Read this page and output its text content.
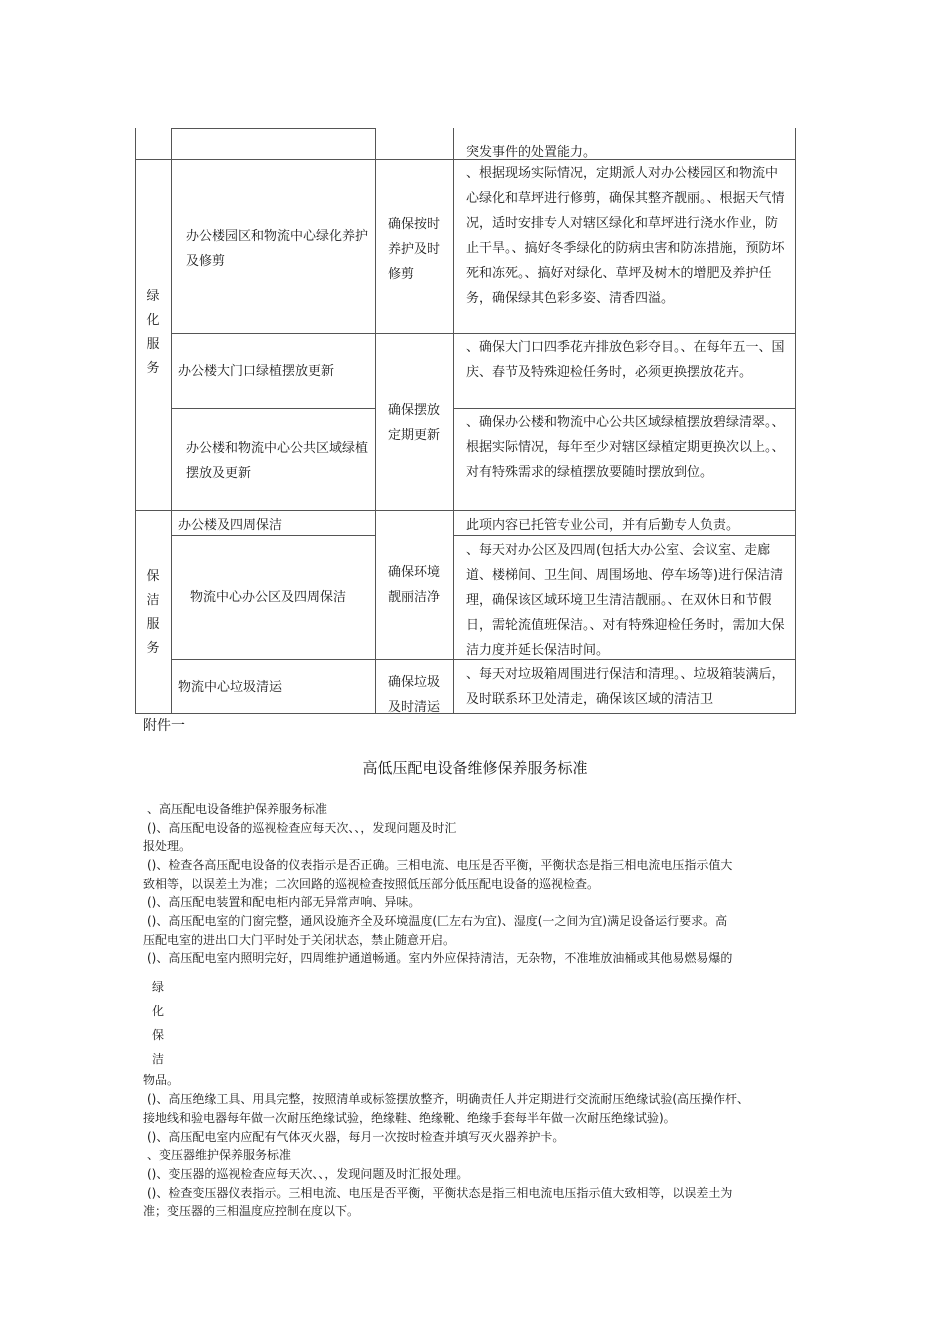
突发事件的处置能力。
绿
化
服
务
办公楼园区和物流中心绿化养护及修剪
确保按时养护及时修剪
、根据现场实际情况，定期派人对办公楼园区和物流中心绿化和草坪进行修剪，确保其整齐靓丽。、根据天气情况，适时安排专人对辖区绿化和草坪进行浇水作业，防止干旱。、搞好冬季绿化的防病虫害和防冻措施，预防坏死和冻死。、搞好对绿化、草坪及树木的增肥及养护任务，确保绿其色彩多姿、清香四溢。
办公楼大门口绿植摆放更新
确保摆放定期更新
、确保大门口四季花卉排放色彩夺目。、在每年五一、国庆、春节及特殊迎检任务时，必须更换摆放花卉。
办公楼和物流中心公共区域绿植摆放及更新
、确保办公楼和物流中心公共区域绿植摆放碧绿清翠。、根据实际情况，每年至少对辖区绿植定期更换次以上。、对有特殊需求的绿植摆放要随时摆放到位。
保
洁
服
务
办公楼及四周保洁	此项内容已托管专业公司，并有后勤专人负责。
物流中心办公区及四周保洁
确保环境靓丽洁净
、每天对办公区及四周(包括大办公室、会议室、走廊道、楼梯间、卫生间、周围场地、停车场等)进行保洁清理，确保该区域环境卫生清洁靓丽。、在双休日和节假日，需轮流值班保洁。、对有特殊迎检任务时，需加大保洁力度并延长保洁时间。
物流中心垃圾清运	确保垃圾及时清运
、每天对垃圾箱周围进行保洁和清理。、垃圾箱装满后，及时联系环卫处清走，确保该区域的清洁卫
附件一
高低压配电设备维修保养服务标准
、高压配电设备维护保养服务标准
()、高压配电设备的巡视检查应每天次、、，发现问题及时汇
报处理。
()、检查各高压配电设备的仪表指示是否正确。三相电流、电压是否平衡，平衡状态是指三相电流电压指示值大
致相等，以误差土为准；二次回路的巡视检查按照低压部分低压配电设备的巡视检查。
()、高压配电装置和配电柜内部无异常声响、异味。
()、高压配电室的门窗完整，通风设施齐全及环境温度(匚左右为宜)、湿度(一之间为宜)满足设备运行要求。高
压配电室的进出口大门平时处于关闭状态，禁止随意开启。
()、高压配电室内照明完好，四周维护通道畅通。室内外应保持清洁，无杂物，不准堆放油桶或其他易燃易爆的
绿
化
保
洁
物品。
()、高压绝缘工具、用具完整，按照清单或标签摆放整齐，明确责任人并定期进行交流耐压绝缘试验(高压操作杆、
接地线和验电器每年做一次耐压绝缘试验，绝缘鞋、绝缘靴、绝缘手套每半年做一次耐压绝缘试验)。
()、高压配电室内应配有气体灭火器，每月一次按时检查并填写灭火器养护卡。
、变压器维护保养服务标准
()、变压器的巡视检查应每天次、、，发现问题及时汇报处理。
()、检查变压器仪表指示。三相电流、电压是否平衡，平衡状态是指三相电流电压指示值大致相等，以误差土为
准；变压器的三相温度应控制在度以下。
